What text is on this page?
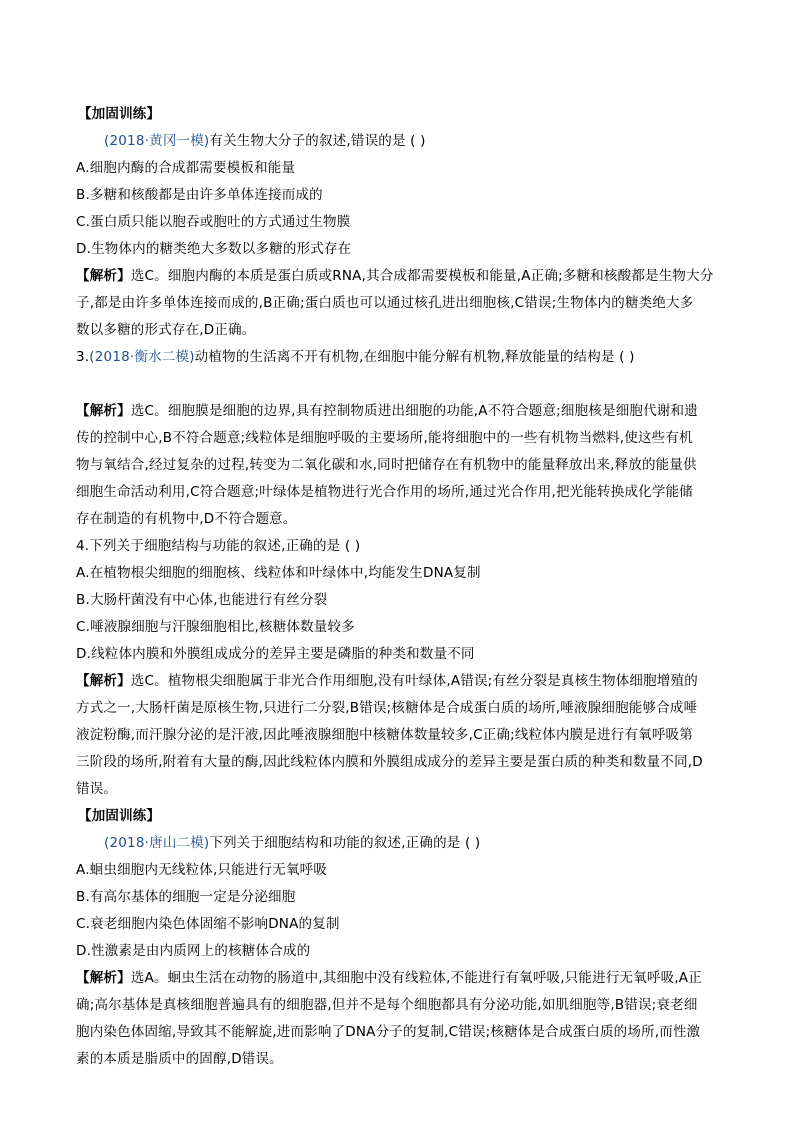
【加固训练】
(2018·黄冈一模)有关生物大分子的叙述,错误的是 ( )
A.细胞内酶的合成都需要模板和能量
B.多糖和核酸都是由许多单体连接而成的
C.蛋白质只能以胞吞或胞吐的方式通过生物膜
D.生物体内的糖类绝大多数以多糖的形式存在
【解析】选C。细胞内酶的本质是蛋白质或RNA,其合成都需要模板和能量,A正确;多糖和核酸都是生物大分
子,都是由许多单体连接而成的,B正确;蛋白质也可以通过核孔进出细胞核,C错误;生物体内的糖类绝大多
数以多糖的形式存在,D正确。
3.(2018·衡水二模)动植物的生活离不开有机物,在细胞中能分解有机物,释放能量的结构是 ( )
【解析】选C。细胞膜是细胞的边界,具有控制物质进出细胞的功能,A不符合题意;细胞核是细胞代谢和遗
传的控制中心,B不符合题意;线粒体是细胞呼吸的主要场所,能将细胞中的一些有机物当燃料,使这些有机
物与氧结合,经过复杂的过程,转变为二氧化碳和水,同时把储存在有机物中的能量释放出来,释放的能量供
细胞生命活动利用,C符合题意;叶绿体是植物进行光合作用的场所,通过光合作用,把光能转换成化学能储
存在制造的有机物中,D不符合题意。
4.下列关于细胞结构与功能的叙述,正确的是 ( )
A.在植物根尖细胞的细胞核、线粒体和叶绿体中,均能发生DNA复制
B.大肠杆菌没有中心体,也能进行有丝分裂
C.唾液腺细胞与汗腺细胞相比,核糖体数量较多
D.线粒体内膜和外膜组成成分的差异主要是磷脂的种类和数量不同
【解析】选C。植物根尖细胞属于非光合作用细胞,没有叶绿体,A错误;有丝分裂是真核生物体细胞增殖的
方式之一,大肠杆菌是原核生物,只进行二分裂,B错误;核糖体是合成蛋白质的场所,唾液腺细胞能够合成唾
液淀粉酶,而汗腺分泌的是汗液,因此唾液腺细胞中核糖体数量较多,C正确;线粒体内膜是进行有氧呼吸第
三阶段的场所,附着有大量的酶,因此线粒体内膜和外膜组成成分的差异主要是蛋白质的种类和数量不同,D
错误。
【加固训练】
(2018·唐山二模)下列关于细胞结构和功能的叙述,正确的是 ( )
A.蛔虫细胞内无线粒体,只能进行无氧呼吸
B.有高尔基体的细胞一定是分泌细胞
C.衰老细胞内染色体固缩不影响DNA的复制
D.性激素是由内质网上的核糖体合成的
【解析】选A。蛔虫生活在动物的肠道中,其细胞中没有线粒体,不能进行有氧呼吸,只能进行无氧呼吸,A正
确;高尔基体是真核细胞普遍具有的细胞器,但并不是每个细胞都具有分泌功能,如肌细胞等,B错误;衰老细
胞内染色体固缩,导致其不能解旋,进而影响了DNA分子的复制,C错误;核糖体是合成蛋白质的场所,而性激
素的本质是脂质中的固醇,D错误。
